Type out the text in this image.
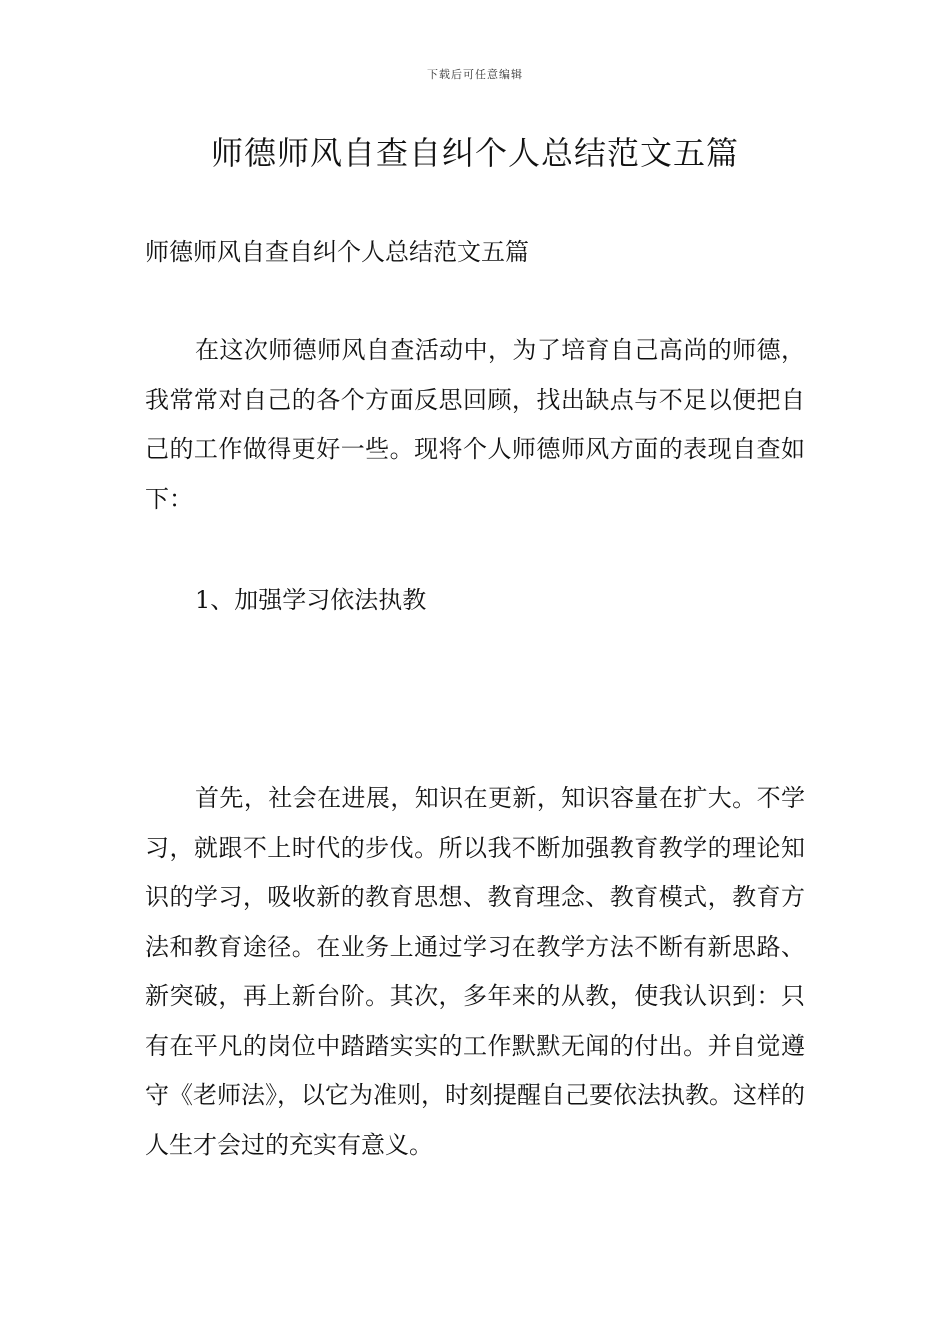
下载后可任意编辑
师德师风自查自纠个人总结范文五篇

师德师风自查自纠个人总结范文五篇

在这次师德师风自查活动中，为了培育自己高尚的师德，我常常对自己的各个方面反思回顾，找出缺点与不足以便把自己的工作做得更好一些。现将个人师德师风方面的表现自查如下：

1、加强学习依法执教

首先，社会在进展，知识在更新，知识容量在扩大。不学习，就跟不上时代的步伐。所以我不断加强教育教学的理论知识的学习，吸收新的教育思想、教育理念、教育模式，教育方法和教育途径。在业务上通过学习在教学方法不断有新思路、新突破，再上新台阶。其次，多年来的从教，使我认识到：只有在平凡的岗位中踏踏实实的工作默默无闻的付出。并自觉遵守《老师法》，以它为准则，时刻提醒自己要依法执教。这样的人生才会过的充实有意义。
